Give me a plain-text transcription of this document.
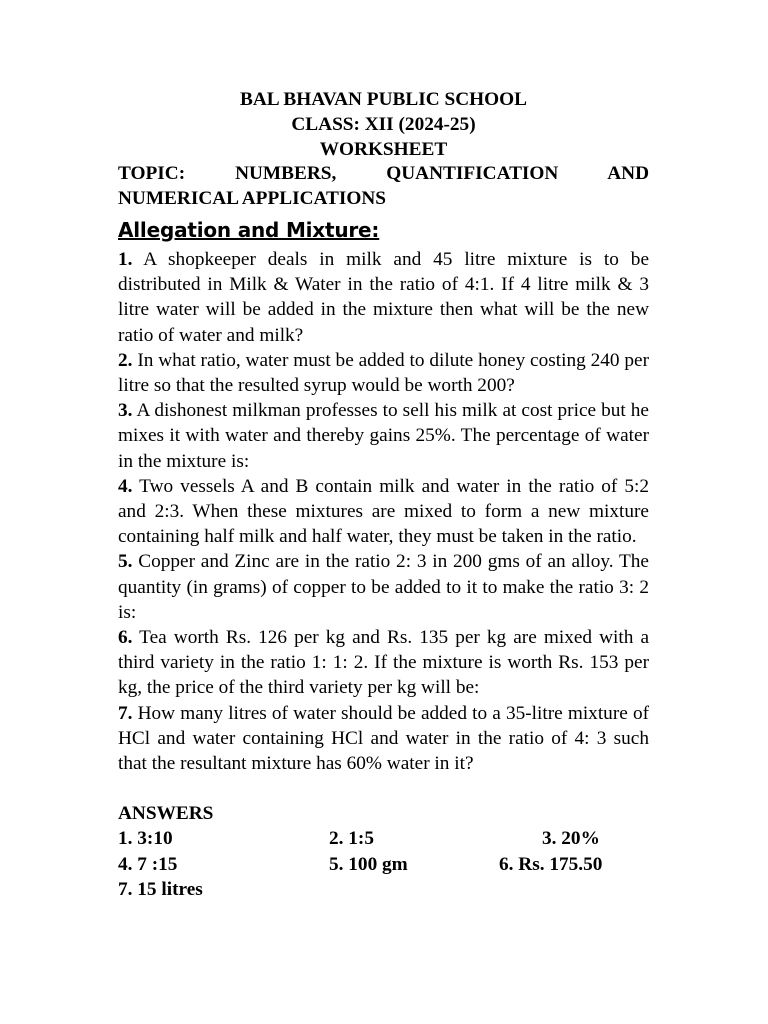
BAL BHAVAN PUBLIC SCHOOL
CLASS: XII (2024-25)
WORKSHEET
TOPIC: NUMBERS, QUANTIFICATION AND
NUMERICAL APPLICATIONS
Allegation and Mixture:
1. A shopkeeper deals in milk and 45 litre mixture is to be distributed in Milk & Water in the ratio of 4:1. If 4 litre milk & 3 litre water will be added in the mixture then what will be the new ratio of water and milk?
2. In what ratio, water must be added to dilute honey costing 240 per litre so that the resulted syrup would be worth 200?
3. A dishonest milkman professes to sell his milk at cost price but he mixes it with water and thereby gains 25%. The percentage of water in the mixture is:
4. Two vessels A and B contain milk and water in the ratio of 5:2 and 2:3. When these mixtures are mixed to form a new mixture containing half milk and half water, they must be taken in the ratio.
5. Copper and Zinc are in the ratio 2: 3 in 200 gms of an alloy. The quantity (in grams) of copper to be added to it to make the ratio 3: 2 is:
6. Tea worth Rs. 126 per kg and Rs. 135 per kg are mixed with a third variety in the ratio 1: 1: 2. If the mixture is worth Rs. 153 per kg, the price of the third variety per kg will be:
7. How many litres of water should be added to a 35-litre mixture of HCl and water containing HCl and water in the ratio of 4: 3 such that the resultant mixture has 60% water in it?
ANSWERS
1. 3:10	2. 1:5	3. 20%
4. 7 :15	5. 100 gm	6. Rs. 175.50
7. 15 litres
